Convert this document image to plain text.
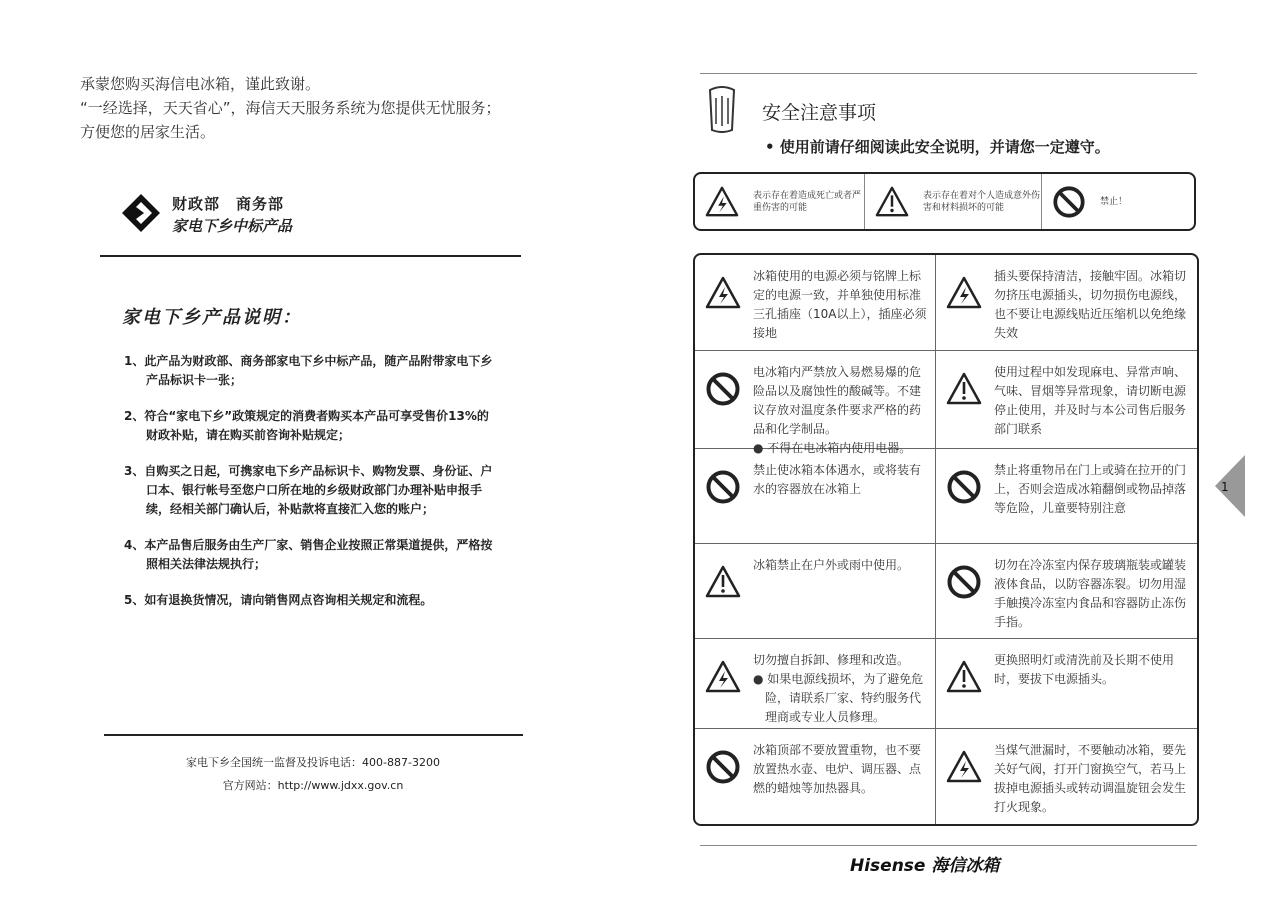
承蒙您购买海信电冰箱，谨此致谢。
“一经选择，天天省心”，海信天天服务系统为您提供无忧服务；
方便您的居家生活。
财政部　商务部
家电下乡中标产品
家电下乡产品说明：
1、此产品为财政部、商务部家电下乡中标产品，随产品附带家电下乡产品标识卡一张；
2、符合“家电下乡”政策规定的消费者购买本产品可享受售价13%的财政补贴，请在购买前咨询补贴规定；
3、自购买之日起，可携家电下乡产品标识卡、购物发票、身份证、户口本、银行帐号至您户口所在地的乡级财政部门办理补贴申报手续，经相关部门确认后，补贴款将直接汇入您的账户；
4、本产品售后服务由生产厂家、销售企业按照正常渠道提供，严格按照相关法律法规执行；
5、如有退换货情况，请向销售网点咨询相关规定和流程。
家电下乡全国统一监督及投诉电话：400-887-3200
官方网站：http://www.jdxx.gov.cn
安全注意事项
• 使用前请仔细阅读此安全说明，并请您一定遵守。
表示存在着造成死亡或者严重伤害的可能
表示存在着对个人造成意外伤害和材料损坏的可能
禁止！
冰箱使用的电源必须与铭牌上标定的电源一致，并单独使用标准三孔插座（10A以上），插座必须接地
插头要保持清洁，接触牢固。冰箱切勿挤压电源插头，切勿损伤电源线，也不要让电源线贴近压缩机以免绝缘失效
电冰箱内严禁放入易燃易爆的危险品以及腐蚀性的酸碱等。不建议存放对温度条件要求严格的药品和化学制品。
● 不得在电冰箱内使用电器。
使用过程中如发现麻电、异常声响、气味、冒烟等异常现象，请切断电源停止使用，并及时与本公司售后服务部门联系
禁止使冰箱本体遇水，或将装有水的容器放在冰箱上
禁止将重物吊在门上或骑在拉开的门上，否则会造成冰箱翻倒或物品掉落等危险，儿童要特别注意
冰箱禁止在户外或雨中使用。	切勿在冷冻室内保存玻璃瓶装或罐装液体食品，以防容器冻裂。切勿用湿手触摸冷冻室内食品和容器防止冻伤手指。
切勿擅自拆卸、修理和改造。
● 如果电源线损坏，为了避免危险，请联系厂家、特约服务代理商或专业人员修理。
更换照明灯或清洗前及长期不使用时，要拔下电源插头。
冰箱顶部不要放置重物，也不要放置热水壶、电炉、调压器、点燃的蜡烛等加热器具。
当煤气泄漏时，不要触动冰箱，要先关好气阀，打开门窗换空气，若马上拔掉电源插头或转动调温旋钮会发生打火现象。
1
Hisense 海信冰箱
